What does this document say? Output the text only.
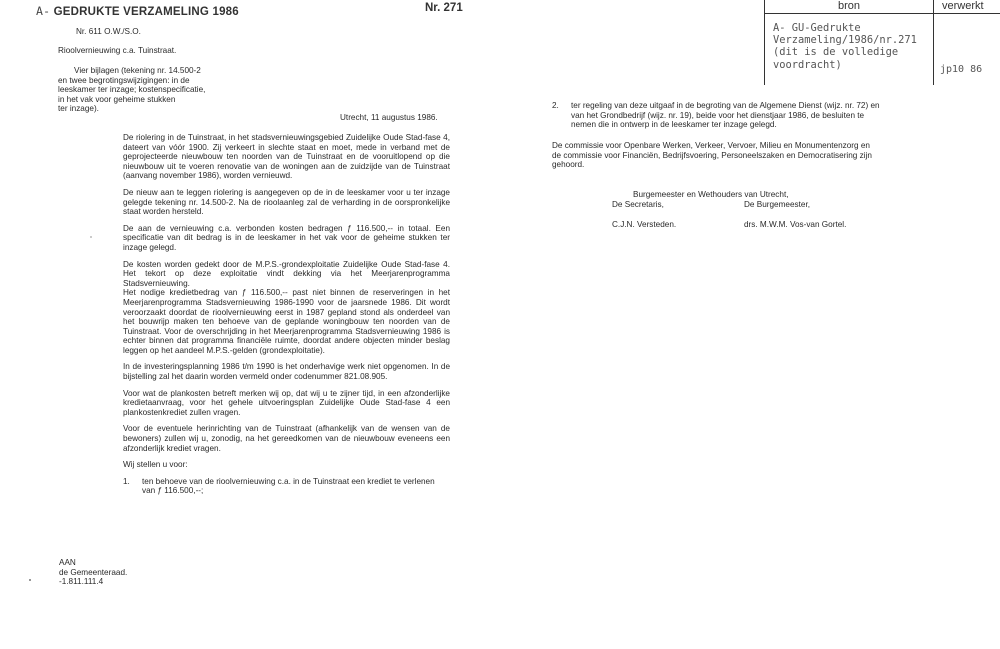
A- GEDRUKTE VERZAMELING 1986	Nr. 271
Nr. 611 O.W./S.O.
Rioolvernieuwing c.a. Tuinstraat.
Vier bijlagen (tekening nr. 14.500-2
en twee begrotingswijzigingen: in de
leeskamer ter inzage; kostenspecificatie,
in het vak voor geheime stukken
ter inzage).
Utrecht, 11 augustus 1986.

De riolering in de Tuinstraat, in het stadsvernieuwingsgebied Zuidelijke Oude Stad-fase 4, dateert van vóór 1900. Zij verkeert in slechte staat en moet, mede in verband met de geprojecteerde nieuwbouw ten noorden van de Tuinstraat en de vooruitlopend op die nieuwbouw uit te voeren renovatie van de woningen aan de zuidzijde van de Tuinstraat (aanvang november 1986), worden vernieuwd.

De nieuw aan te leggen riolering is aangegeven op de in de leeskamer voor u ter inzage gelegde tekening nr. 14.500-2. Na de rioolaanleg zal de verharding in de oorspronkelijke staat worden hersteld.

De aan de vernieuwing c.a. verbonden kosten bedragen ƒ 116.500,-- in totaal. Een specificatie van dit bedrag is in de leeskamer in het vak voor de geheime stukken ter inzage gelegd.

De kosten worden gedekt door de M.P.S.-grondexploitatie Zuidelijke Oude Stad-fase 4. Het tekort op deze exploitatie vindt dekking via het Meerjarenprogramma Stadsvernieuwing.

Het nodige kredietbedrag van ƒ 116.500,-- past niet binnen de reserveringen in het Meerjarenprogramma Stadsvernieuwing 1986-1990 voor de jaarsnede 1986. Dit wordt veroorzaakt doordat de rioolvernieuwing eerst in 1987 gepland stond als onderdeel van het bouwrijp maken ten behoeve van de geplande woningbouw ten noorden van de Tuinstraat. Voor de overschrijding in het Meerjarenprogramma Stadsvernieuwing 1986 is echter binnen dat programma financiële ruimte, doordat andere objecten minder beslag leggen op het aandeel M.P.S.-gelden (grondexploitatie).

In de investeringsplanning 1986 t/m 1990 is het onderhavige werk niet opgenomen. In de bijstelling zal het daarin worden vermeld onder codenummer 821.08.905.

Voor wat de plankosten betreft merken wij op, dat wij u te zijner tijd, in een afzonderlijke kredietaanvraag, voor het gehele uitvoeringsplan Zuidelijke Oude Stad-fase 4 een plankostenkrediet zullen vragen.

Voor de eventuele herinrichting van de Tuinstraat (afhankelijk van de wensen van de bewoners) zullen wij u, zonodig, na het gereedkomen van de nieuwbouw eveneens een afzonderlijk krediet vragen.

Wij stellen u voor:

1.	ten behoeve van de rioolvernieuwing c.a. in de Tuinstraat een krediet te verlenen van ƒ 116.500,--;
AAN
de Gemeenteraad.
-1.811.111.4
2.	ter regeling van deze uitgaaf in de begroting van de Algemene Dienst (wijz. nr. 72) en van het Grondbedrijf (wijz. nr. 19), beide voor het dienstjaar 1986, de besluiten te nemen die in ontwerp in de leeskamer ter inzage gelegd.
De commissie voor Openbare Werken, Verkeer, Vervoer, Milieu en Monumentenzorg en de commissie voor Financiën, Bedrijfsvoering, Personeelszaken en Democratisering zijn gehoord.
Burgemeester en Wethouders van Utrecht,
De Secretaris,	De Burgemeester,
C.J.N. Versteden.	drs. M.W.M. Vos-van Gortel.
bron	verwerkt
A- GU-Gedrukte Verzameling/1986/nr.271
(dit is de volledige voordracht)	jp10 86
